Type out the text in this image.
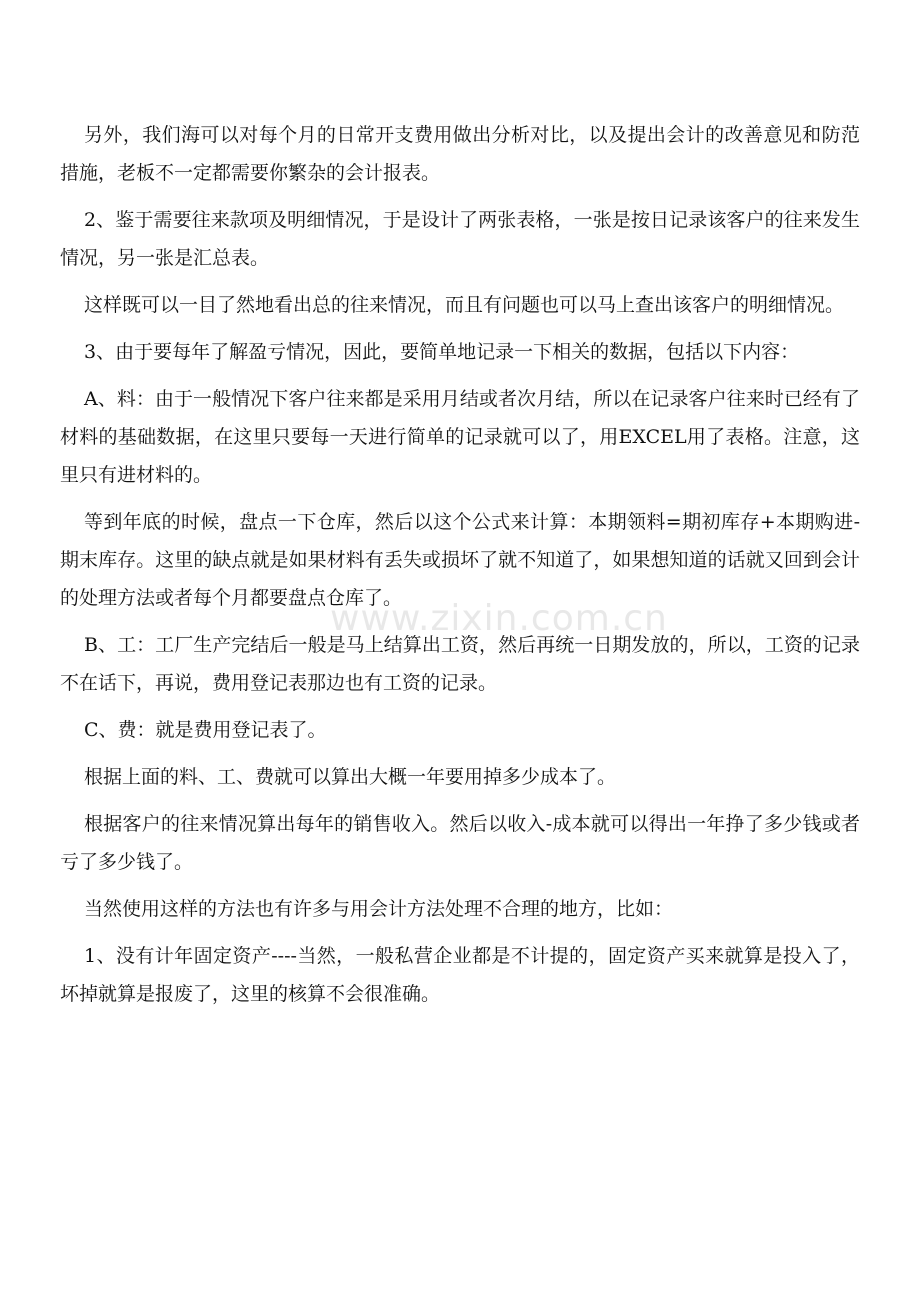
另外，我们海可以对每个月的日常开支费用做出分析对比，以及提出会计的改善意见和防范措施，老板不一定都需要你繁杂的会计报表。

2、鉴于需要往来款项及明细情况，于是设计了两张表格，一张是按日记录该客户的往来发生情况，另一张是汇总表。

这样既可以一目了然地看出总的往来情况，而且有问题也可以马上查出该客户的明细情况。

3、由于要每年了解盈亏情况，因此，要简单地记录一下相关的数据，包括以下内容：

A、料：由于一般情况下客户往来都是采用月结或者次月结，所以在记录客户往来时已经有了材料的基础数据，在这里只要每一天进行简单的记录就可以了，用EXCEL用了表格。注意，这里只有进材料的。

等到年底的时候，盘点一下仓库，然后以这个公式来计算：本期领料=期初库存+本期购进-期末库存。这里的缺点就是如果材料有丢失或损坏了就不知道了，如果想知道的话就又回到会计的处理方法或者每个月都要盘点仓库了。

B、工：工厂生产完结后一般是马上结算出工资，然后再统一日期发放的，所以，工资的记录不在话下，再说，费用登记表那边也有工资的记录。

C、费：就是费用登记表了。

根据上面的料、工、费就可以算出大概一年要用掉多少成本了。

根据客户的往来情况算出每年的销售收入。然后以收入-成本就可以得出一年挣了多少钱或者亏了多少钱了。

当然使用这样的方法也有许多与用会计方法处理不合理的地方，比如：

1、没有计年固定资产----当然，一般私营企业都是不计提的，固定资产买来就算是投入了，坏掉就算是报废了，这里的核算不会很准确。

www.zixin.com.cn
